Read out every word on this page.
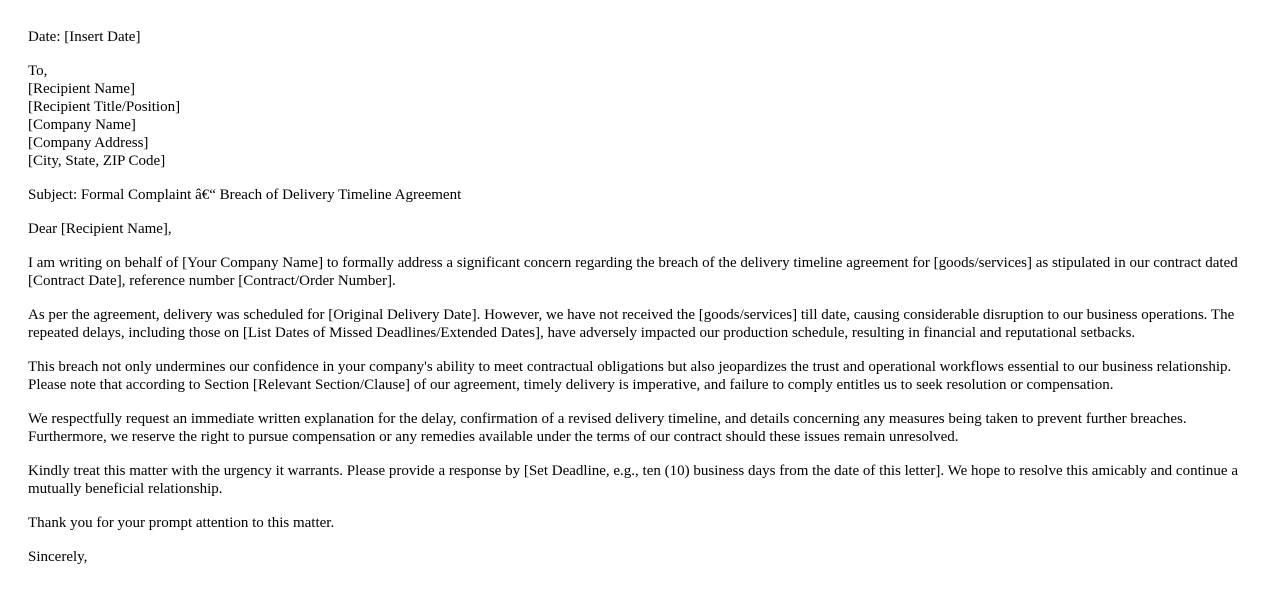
Date: [Insert Date]

To,
[Recipient Name]
[Recipient Title/Position]
[Company Name]
[Company Address]
[City, State, ZIP Code]

Subject: Formal Complaint â€“ Breach of Delivery Timeline Agreement

Dear [Recipient Name],

I am writing on behalf of [Your Company Name] to formally address a significant concern regarding the breach of the delivery timeline agreement for [goods/services] as stipulated in our contract dated [Contract Date], reference number [Contract/Order Number].

As per the agreement, delivery was scheduled for [Original Delivery Date]. However, we have not received the [goods/services] till date, causing considerable disruption to our business operations. The repeated delays, including those on [List Dates of Missed Deadlines/Extended Dates], have adversely impacted our production schedule, resulting in financial and reputational setbacks.

This breach not only undermines our confidence in your company's ability to meet contractual obligations but also jeopardizes the trust and operational workflows essential to our business relationship. Please note that according to Section [Relevant Section/Clause] of our agreement, timely delivery is imperative, and failure to comply entitles us to seek resolution or compensation.

We respectfully request an immediate written explanation for the delay, confirmation of a revised delivery timeline, and details concerning any measures being taken to prevent further breaches. Furthermore, we reserve the right to pursue compensation or any remedies available under the terms of our contract should these issues remain unresolved.

Kindly treat this matter with the urgency it warrants. Please provide a response by [Set Deadline, e.g., ten (10) business days from the date of this letter]. We hope to resolve this amicably and continue a mutually beneficial relationship.

Thank you for your prompt attention to this matter.

Sincerely,
